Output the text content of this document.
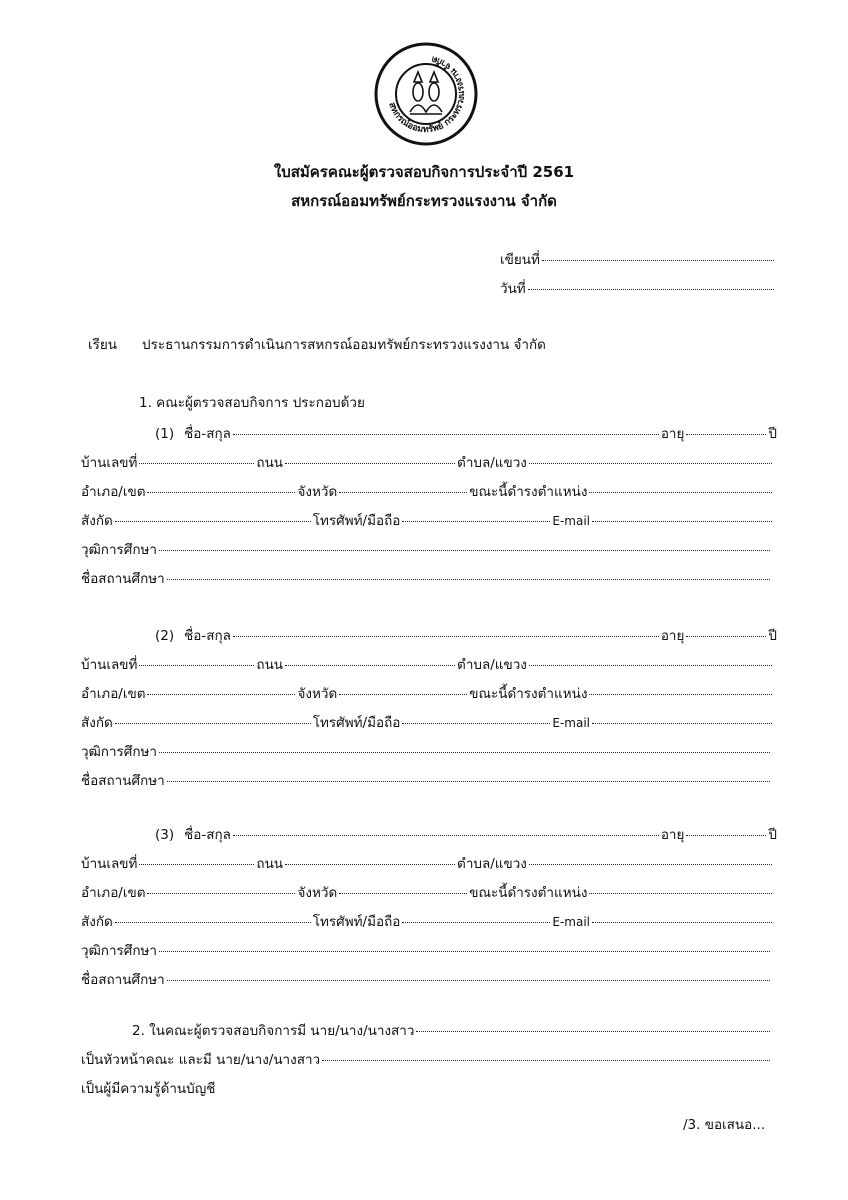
สหกรณ์ออมทรัพย์ กระทรวงแรงงาน จำกัด
ใบสมัครคณะผู้ตรวจสอบกิจการประจำปี 2561
สหกรณ์ออมทรัพย์กระทรวงแรงงาน จำกัด
เขียนที่
วันที่
เรียน ประธานกรรมการดำเนินการสหกรณ์ออมทรัพย์กระทรวงแรงงาน จำกัด
1. คณะผู้ตรวจสอบกิจการ ประกอบด้วย
(1) ชื่อ-สกุล	อายุ	ปี
บ้านเลขที่	ถนน	ตำบล/แขวง
อำเภอ/เขต	จังหวัด	ขณะนี้ดำรงตำแหน่ง
สังกัด	โทรศัพท์/มือถือ	E-mail
วุฒิการศึกษา
ชื่อสถานศึกษา
(2) ชื่อ-สกุล	อายุ	ปี
บ้านเลขที่	ถนน	ตำบล/แขวง
อำเภอ/เขต	จังหวัด	ขณะนี้ดำรงตำแหน่ง
สังกัด	โทรศัพท์/มือถือ	E-mail
วุฒิการศึกษา
ชื่อสถานศึกษา
(3) ชื่อ-สกุล	อายุ	ปี
บ้านเลขที่	ถนน	ตำบล/แขวง
อำเภอ/เขต	จังหวัด	ขณะนี้ดำรงตำแหน่ง
สังกัด	โทรศัพท์/มือถือ	E-mail
วุฒิการศึกษา
ชื่อสถานศึกษา
2. ในคณะผู้ตรวจสอบกิจการมี นาย/นาง/นางสาว
เป็นหัวหน้าคณะ และมี นาย/นาง/นางสาว
เป็นผู้มีความรู้ด้านบัญชี
/3. ขอเสนอ...
